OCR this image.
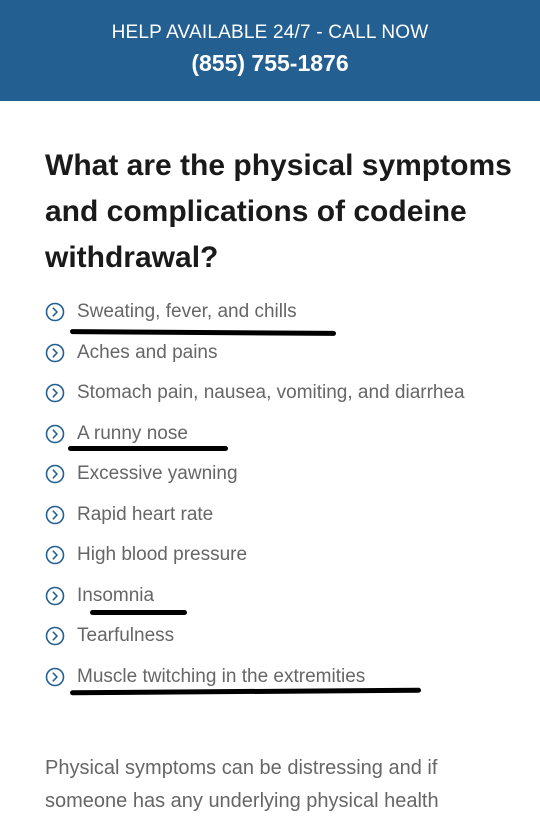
HELP AVAILABLE 24/7 - CALL NOW
(855) 755-1876
What are the physical symptoms and complications of codeine withdrawal?
Sweating, fever, and chills
Aches and pains
Stomach pain, nausea, vomiting, and diarrhea
A runny nose
Excessive yawning
Rapid heart rate
High blood pressure
Insomnia
Tearfulness
Muscle twitching in the extremities

Physical symptoms can be distressing and if someone has any underlying physical health
